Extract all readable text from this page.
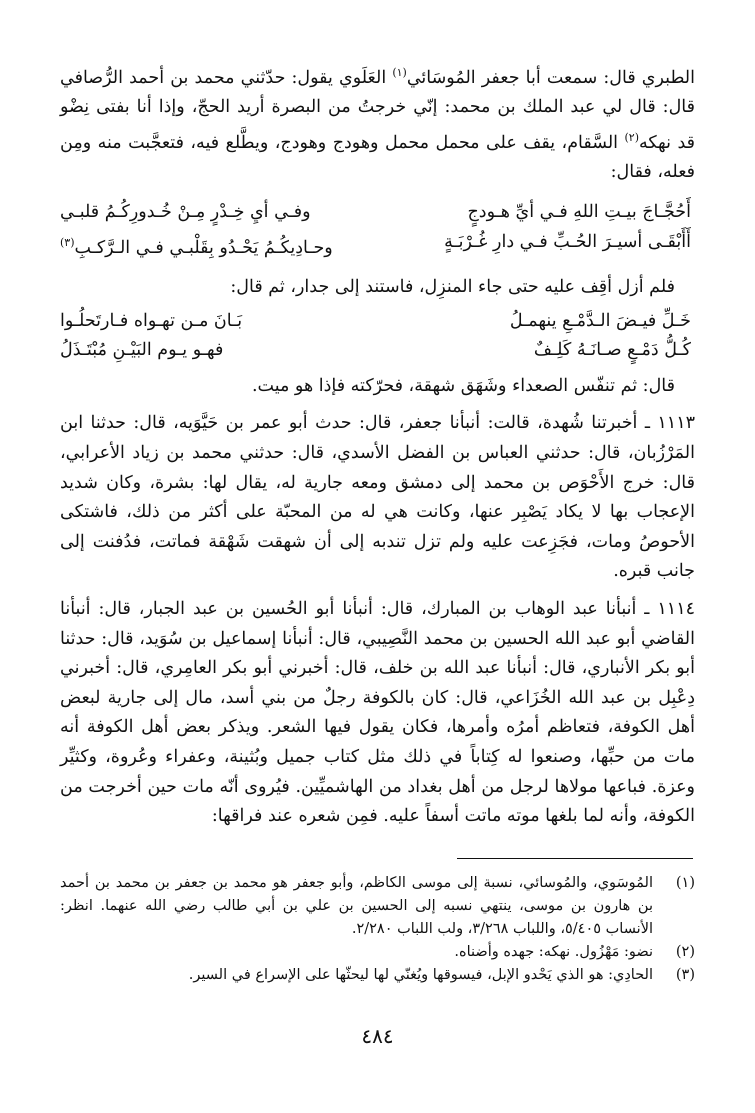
الطبري قال: سمعت أبا جعفر المُوسَائي$^{(١)}$ العَلَوي يقول: حدّثني محمد بن أحمد الرُّصافي قال: قال لي عبد الملك بن محمد: إنّي خرجتُ من البصرة أريد الحجّ، وإذا أنا بفتى نِضْو قد نهكه$^{(٢)}$ السَّقام، يقف على محمل محمل وهودج وهودج، ويطَّلع فيه، فتعجَّبت منه ومِن فعله، فقال:

أَحُجَّـاجَ بيـتِ اللهِ فـي أيِّ هـودجٍ
وفـي أيِ خِـدْرٍ مِـنْ خُـدورِكُـمُ قلبـي
أَأَبْقَـى أسيـرَ الحُـبِّ فـي دارِ غُـرْبَـةٍ
وحـادِيكُـمُ يَحْـدُو بِقَلْبـي فـي الـرَّكـبِ$^{(٣)}$

فلم أزل أقِف عليه حتى جاء المنزِل، فاستند إلى جدار، ثم قال:

خَـلِّ فيـضَ الـدَّمْـعِ ينهمـلُ
بَـانَ مـن تهـواه فـارتَحلُـوا
كُـلُّ دَمْـعٍ صـانَـهُ كَلِـفٌ
فهـو يـوم البَيْـنِ مُبْتَـذَلُ

قال: ثم تنفّس الصعداء وشَهَق شهقة، فحرّكته فإذا هو ميت.

١١١٣ ـ أخبرتنا شُهدة، قالت: أنبأنا جعفر، قال: حدث أبو عمر بن حَيَّوَيه، قال: حدثنا ابن المَرْزُبان، قال: حدثني العباس بن الفضل الأسدي، قال: حدثني محمد بن زياد الأعرابي، قال: خرج الأَحْوَص بن محمد إلى دمشق ومعه جارية له، يقال لها: بشرة، وكان شديد الإعجاب بها لا يكاد يَصْبِر عنها، وكانت هي له من المحبّة على أكثر من ذلك، فاشتكى الأحوصُ ومات، فجَزِعت عليه ولم تزل تندبه إلى أن شهقت شَهْقة فماتت، فدُفنت إلى جانب قبره.

١١١٤ ـ أنبأنا عبد الوهاب بن المبارك، قال: أنبأنا أبو الحُسين بن عبد الجبار، قال: أنبأنا القاضي أبو عبد الله الحسين بن محمد النَّصِيبي، قال: أنبأنا إسماعيل بن سُوَيد، قال: حدثنا أبو بكر الأنباري، قال: أنبأنا عبد الله بن خلف، قال: أخبرني أبو بكر العامِري، قال: أخبرني دِعْبِل بن عبد الله الخُزَاعي، قال: كان بالكوفة رجلٌ من بني أسد، مال إلى جارية لبعض أهل الكوفة، فتعاظم أمرُه وأمرها، فكان يقول فيها الشعر. ويذكر بعض أهل الكوفة أنه مات من حبِّها، وصنعوا له كِتاباً في ذلك مثل كتاب جميل وبُثينة، وعفراء وعُروة، وكثيِّر وعزة. فباعها مولاها لرجل من أهل بغداد من الهاشميِّين. فيُروى أنّه مات حين أخرجت من الكوفة، وأنه لما بلغها موته ماتت أسفاً عليه. فمِن شعره عند فراقها:

(١)
المُوسَوي، والمُوسائي، نسبة إلى موسى الكاظم، وأبو جعفر هو محمد بن جعفر بن محمد بن أحمد بن هارون بن موسى، ينتهي نسبه إلى الحسين بن علي بن أبي طالب رضي الله عنهما. انظر: الأنساب ٥/٤٠٥، واللباب ٣/٢٦٨، ولب اللباب ٢/٢٨٠.
(٢)
نضو: مَهْزُول. نهكه: جهده وأضناه.
(٣)
الحادِي: هو الذي يَحْدو الإبل، فيسوقها ويُغنّي لها ليحثّها على الإسراع في السير.
٤٨٤
